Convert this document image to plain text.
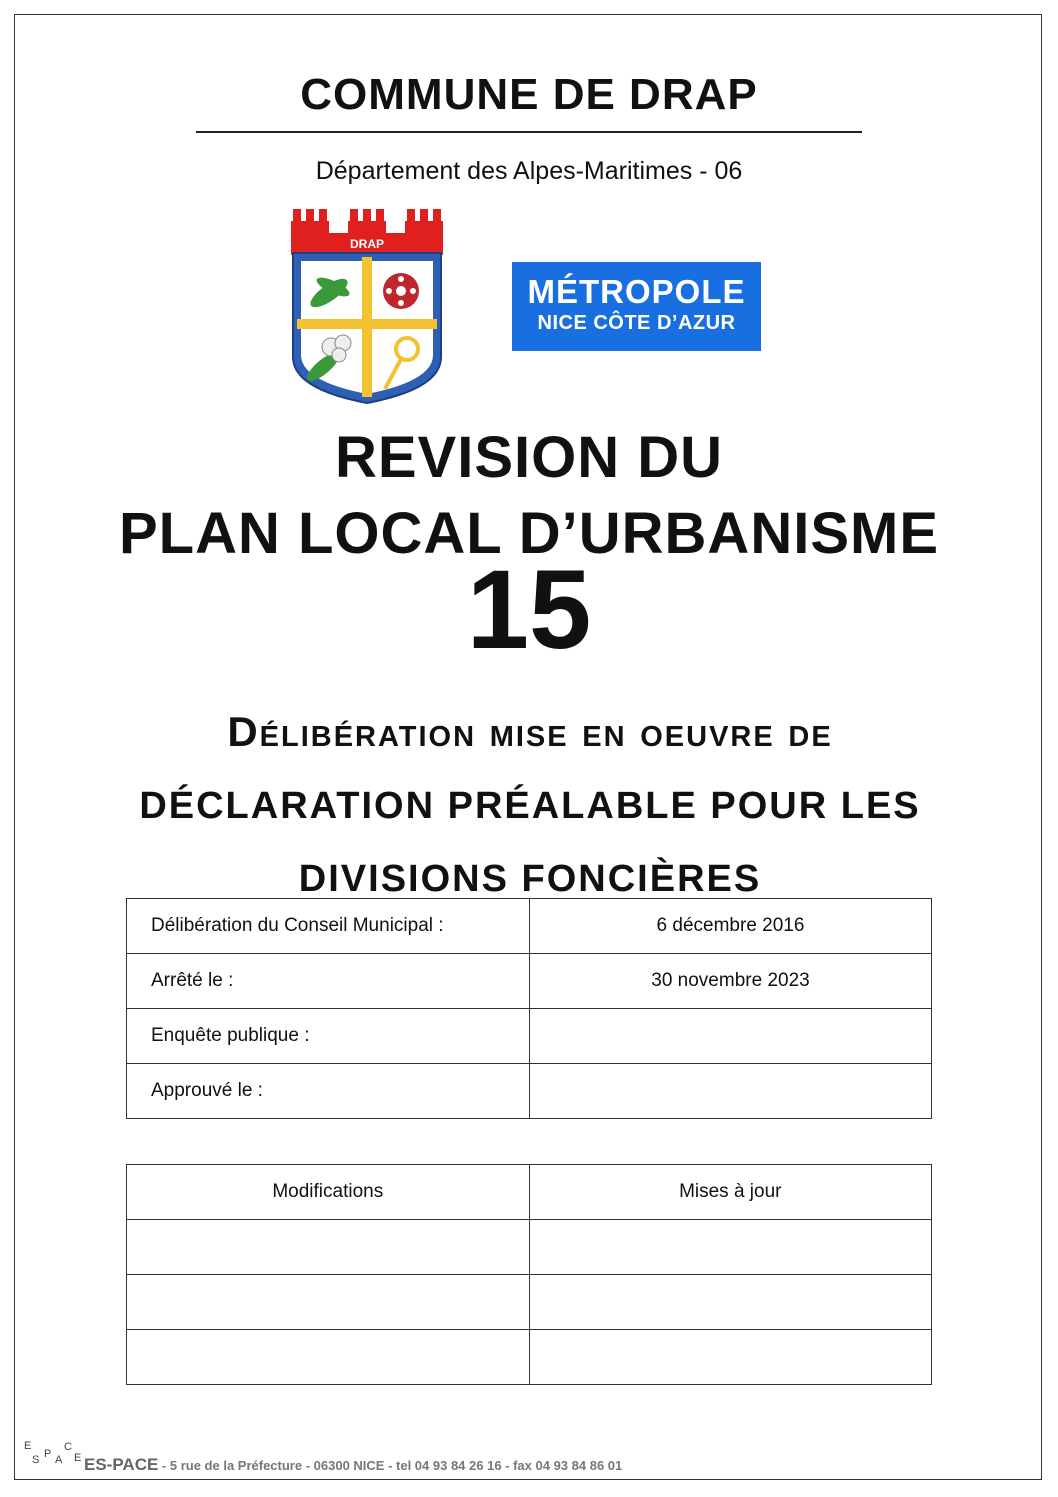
COMMUNE DE DRAP
Département des Alpes-Maritimes - 06
DRAP
MÉTROPOLE
NICE CÔTE D’AZUR
REVISION DU
PLAN LOCAL D’URBANISME
15
Délibération mise en oeuvre de
DÉCLARATION PRÉALABLE POUR LES
DIVISIONS FONCIÈRES
Délibération du Conseil Municipal :	6 décembre 2016
Arrêté le :	30 novembre 2023
Enquête publique :	
Approuvé le :	
Modifications	Mises à jour

E
S P A
C
E ES-PACE - 5 rue de la Préfecture - 06300 NICE - tel 04 93 84 26 16 - fax 04 93 84 86 01
